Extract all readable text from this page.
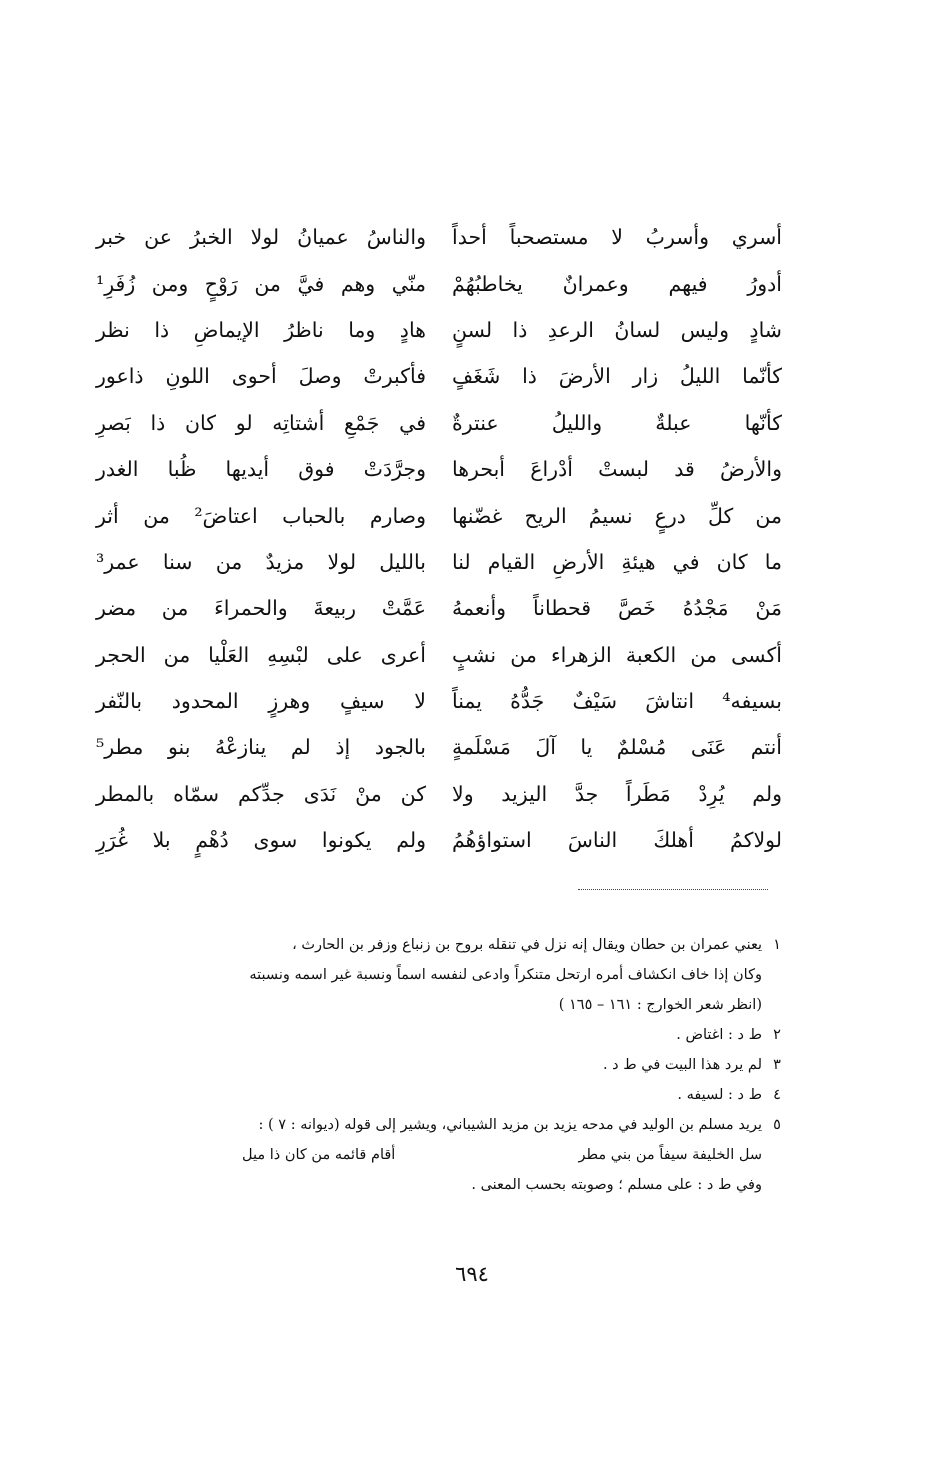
أسري وأسربُ لا مستصحباً أحداً
والناسُ عميانُ لولا الخبرُ عن خبر
أدورُ فيهم وعمرانٌ يخاطبُهُمْ
منّي وهم فيَّ من رَوْحٍ ومن زُفَرِ¹
شادٍ وليس لسانُ الرعدِ ذا لسنٍ
هادٍ وما ناظرُ الإيماضِ ذا نظر
كأنّما الليلُ زار الأرضَ ذا شَغَفٍ
فأكبرتْ وصلَ أحوى اللونِ ذاعور
كأنّها عبلةٌ والليلُ عنترةٌ
في جَمْعِ أشتاتِه لو كان ذا بَصرِ
والأرضُ قد لبستْ أدْراعَ أبحرها
وجرَّدَتْ فوق أيديها ظُبا الغدر
من كلِّ درعٍ نسيمُ الريح غضّنها
وصارم بالحباب اعتاضَ² من أثر
ما كان في هيئةِ الأرضِ القيام لنا
بالليل لولا مزيدٌ من سنا عمر³
مَنْ مَجْدُهُ خَصَّ قحطاناً وأنعمهُ
عَمَّتْ ربيعةَ والحمراءَ من مضر
أكسى من الكعبة الزهراء من نشبٍ
أعرى على لبْسِهِ العَلْيا من الحجر
بسيفه⁴ انتاشَ سَيْفٌ جَدُّهُ يمناً
لا سيفٍ وهرزٍ المحدود بالنّفر
أنتم عَنَى مُسْلمٌ يا آلَ مَسْلَمةٍ
بالجود إذ لم ينازعْهُ بنو مطر⁵
ولم يُرِدْ مَطَراً جدَّ اليزيد ولا
كن منْ نَدَى جدِّكم سمّاه بالمطر
لولاكمُ أهلكَ الناسَ استواؤهُمُ
ولم يكونوا سوى دُهْمٍ بلا غُرَرِ
١
يعني عمران بن حطان ويقال إنه نزل في تنقله بروح بن زنباع وزفر بن الحارث ،
وكان إذا خاف انكشاف أمره ارتحل متنكراً وادعى لنفسه اسماً ونسبة غير اسمه ونسبته
(انظر شعر الخوارج : ١٦١ – ١٦٥ )
٢
ط د : اغتاض .
٣
لم يرد هذا البيت في ط د .
٤
ط د : لسيفه .
٥
يريد مسلم بن الوليد في مدحه يزيد بن مزيد الشيباني، ويشير إلى قوله (ديوانه : ٧ ) :
سل الخليفة سيفاً من بني مطر
أقام قائمه من كان ذا ميل
وفي ط د : على مسلم ؛ وصوبته بحسب المعنى .
٦٩٤
